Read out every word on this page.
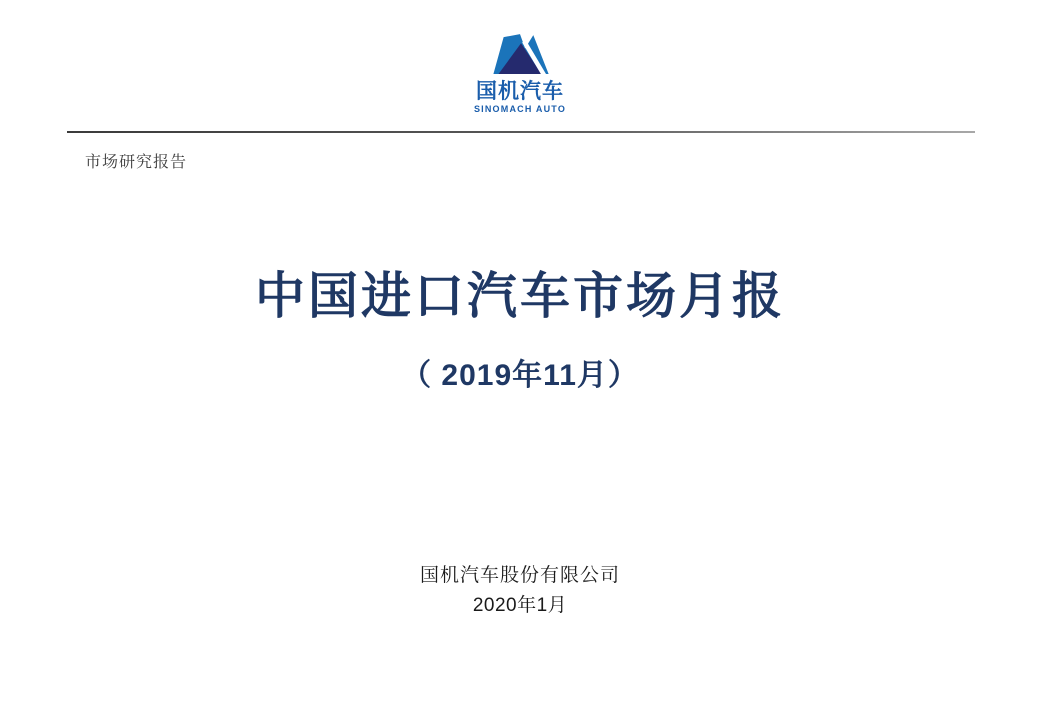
国机汽车
SINOMACH AUTO
市场研究报告
中国进口汽车市场月报
（ 2019年11月）
国机汽车股份有限公司
2020年1月
